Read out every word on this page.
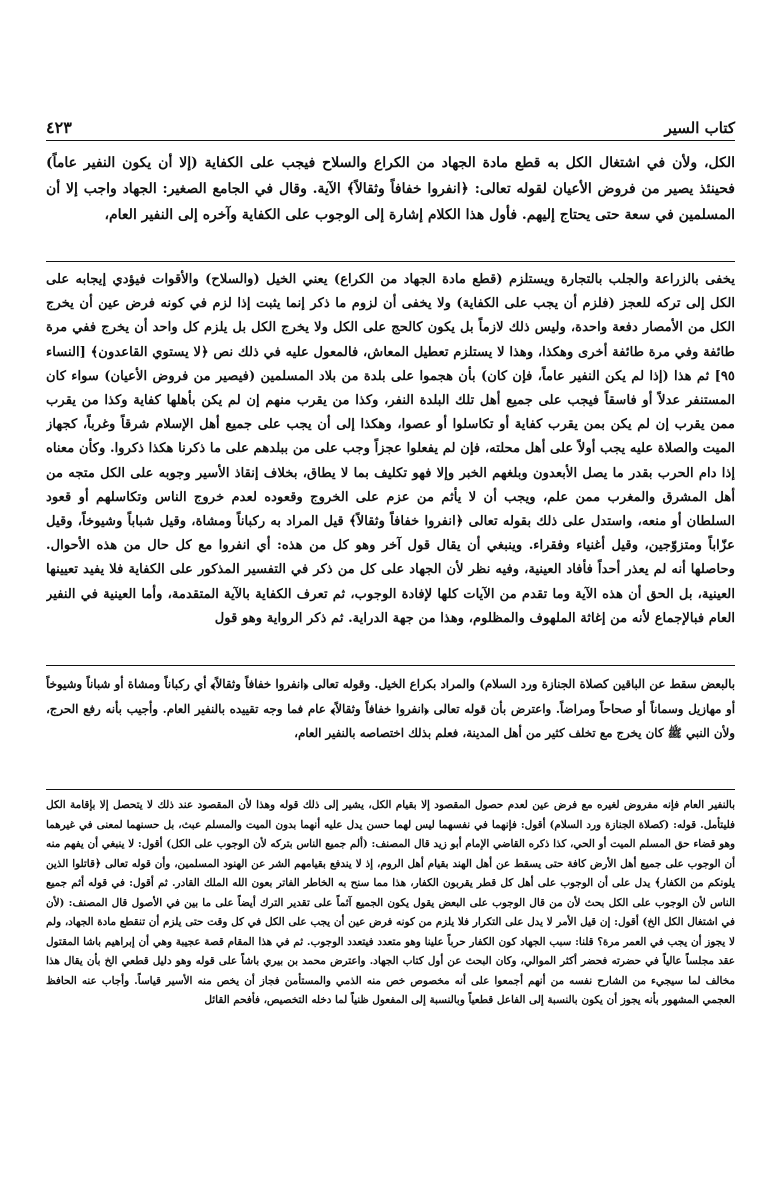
كتاب السير
٤٢٣

الكل، ولأن في اشتغال الكل به قطع مادة الجهاد من الكراع والسلاح فيجب على الكفاية (إلا أن يكون النفير عاماً) فحينئذ يصير من فروض الأعيان لقوله تعالى: ﴿انفروا خفافاً وثقالاً﴾ الآية. وقال في الجامع الصغير: الجهاد واجب إلا أن المسلمين في سعة حتى يحتاج إليهم. فأول هذا الكلام إشارة إلى الوجوب على الكفاية وآخره إلى النفير العام،

يخفى بالزراعة والجلب بالتجارة ويستلزم (قطع مادة الجهاد من الكراع) يعني الخيل (والسلاح) والأقوات فيؤدي إيجابه على الكل إلى تركه للعجز (فلزم أن يجب على الكفاية) ولا يخفى أن لزوم ما ذكر إنما يثبت إذا لزم في كونه فرض عين أن يخرج الكل من الأمصار دفعة واحدة، وليس ذلك لازماً بل يكون كالحج على الكل ولا يخرج الكل بل يلزم كل واحد أن يخرج ففي مرة طائفة وفي مرة طائفة أخرى وهكذا، وهذا لا يستلزم تعطيل المعاش، فالمعول عليه في ذلك نص ﴿لا يستوي القاعدون﴾ [النساء ٩٥] ثم هذا (إذا لم يكن النفير عاماً، فإن كان) بأن هجموا على بلدة من بلاد المسلمين (فيصير من فروض الأعيان) سواء كان المستنفر عدلاً أو فاسقاً فيجب على جميع أهل تلك البلدة النفر، وكذا من يقرب منهم إن لم يكن بأهلها كفاية وكذا من يقرب ممن يقرب إن لم يكن بمن يقرب كفاية أو تكاسلوا أو عصوا، وهكذا إلى أن يجب على جميع أهل الإسلام شرقاً وغرباً، كجهاز الميت والصلاة عليه يجب أولاً على أهل محلته، فإن لم يفعلوا عجزاً وجب على من ببلدهم على ما ذكرنا هكذا ذكروا. وكأن معناه إذا دام الحرب بقدر ما يصل الأبعدون وبلغهم الخبر وإلا فهو تكليف بما لا يطاق، بخلاف إنقاذ الأسير وجوبه على الكل متجه من أهل المشرق والمغرب ممن علم، ويجب أن لا يأثم من عزم على الخروج وقعوده لعدم خروج الناس وتكاسلهم أو قعود السلطان أو منعه، واستدل على ذلك بقوله تعالى ﴿انفروا خفافاً وثقالاً﴾ قيل المراد به ركباناً ومشاة، وقيل شباباً وشيوخاً، وقيل عزّاباً ومتزوّجين، وقيل أغنياء وفقراء. وينبغي أن يقال قول آخر وهو كل من هذه: أي انفروا مع كل حال من هذه الأحوال. وحاصلها أنه لم يعذر أحداً فأفاد العينية، وفيه نظر لأن الجهاد على كل من ذكر في التفسير المذكور على الكفاية فلا يفيد تعيينها العينية، بل الحق أن هذه الآية وما تقدم من الآيات كلها لإفادة الوجوب، ثم تعرف الكفاية بالآية المتقدمة، وأما العينية في النفير العام فبالإجماع لأنه من إغاثة الملهوف والمظلوم، وهذا من جهة الدراية. ثم ذكر الرواية وهو قول

بالبعض سقط عن الباقين كصلاة الجنازة ورد السلام) والمراد بكراع الخيل. وقوله تعالى ﴿انفروا خفافاً وثقالاً﴾ أي ركباناً ومشاة أو شباناً وشيوخاً أو مهازيل وسماناً أو صحاحاً ومراضاً. واعترض بأن قوله تعالى ﴿انفروا خفافاً وثقالاً﴾ عام فما وجه تقييده بالنفير العام. وأجيب بأنه رفع الحرج، ولأن النبي ﷺ كان يخرج مع تخلف كثير من أهل المدينة، فعلم بذلك اختصاصه بالنفير العام،

بالنفير العام فإنه مفروض لغيره مع فرض عين لعدم حصول المقصود إلا بقيام الكل، يشير إلى ذلك قوله وهذا لأن المقصود عند ذلك لا يتحصل إلا بإقامة الكل فليتأمل. قوله: (كصلاة الجنازة ورد السلام) أقول: فإنهما في نفسهما ليس لهما حسن يدل عليه أنهما بدون الميت والمسلم عبث، بل حسنهما لمعنى في غيرهما وهو قضاء حق المسلم الميت أو الحي، كذا ذكره القاضي الإمام أبو زيد قال المصنف: (ألم جميع الناس بتركه لأن الوجوب على الكل) أقول: لا ينبغي أن يفهم منه أن الوجوب على جميع أهل الأرض كافة حتى يسقط عن أهل الهند بقيام أهل الروم، إذ لا يندفع بقيامهم الشر عن الهنود المسلمين، وأن قوله تعالى ﴿قاتلوا الذين يلونكم من الكفار﴾ يدل على أن الوجوب على أهل كل قطر يقربون الكفار، هذا مما سنح به الخاطر الفاتر بعون الله الملك القادر. ثم أقول: في قوله أثم جميع الناس لأن الوجوب على الكل بحث لأن من قال الوجوب على البعض يقول يكون الجميع آثماً على تقدير الترك أيضاً على ما بين في الأصول قال المصنف: (لأن في اشتغال الكل الخ) أقول: إن قيل الأمر لا يدل على التكرار فلا يلزم من كونه فرض عين أن يجب على الكل في كل وقت حتى يلزم أن تنقطع مادة الجهاد، ولم لا يجوز أن يجب في العمر مرة؟ قلنا: سبب الجهاد كون الكفار حرباً علينا وهو متعدد فيتعدد الوجوب. ثم في هذا المقام قصة عجيبة وهي أن إبراهيم باشا المقتول عقد مجلساً عالياً في حضرته فحضر أكثر الموالي، وكان البحث عن أول كتاب الجهاد. واعترض محمد بن بيري باشاً على قوله وهو دليل قطعي الخ بأن يقال هذا مخالف لما سيجيء من الشارح نفسه من أنهم أجمعوا على أنه مخصوص خص منه الذمي والمستأمن فجاز أن يخص منه الأسير قياساً. وأجاب عنه الحافظ العجمي المشهور بأنه يجوز أن يكون بالنسبة إلى الفاعل قطعياً وبالنسبة إلى المفعول ظنياً لما دخله التخصيص، فأفحم القائل
